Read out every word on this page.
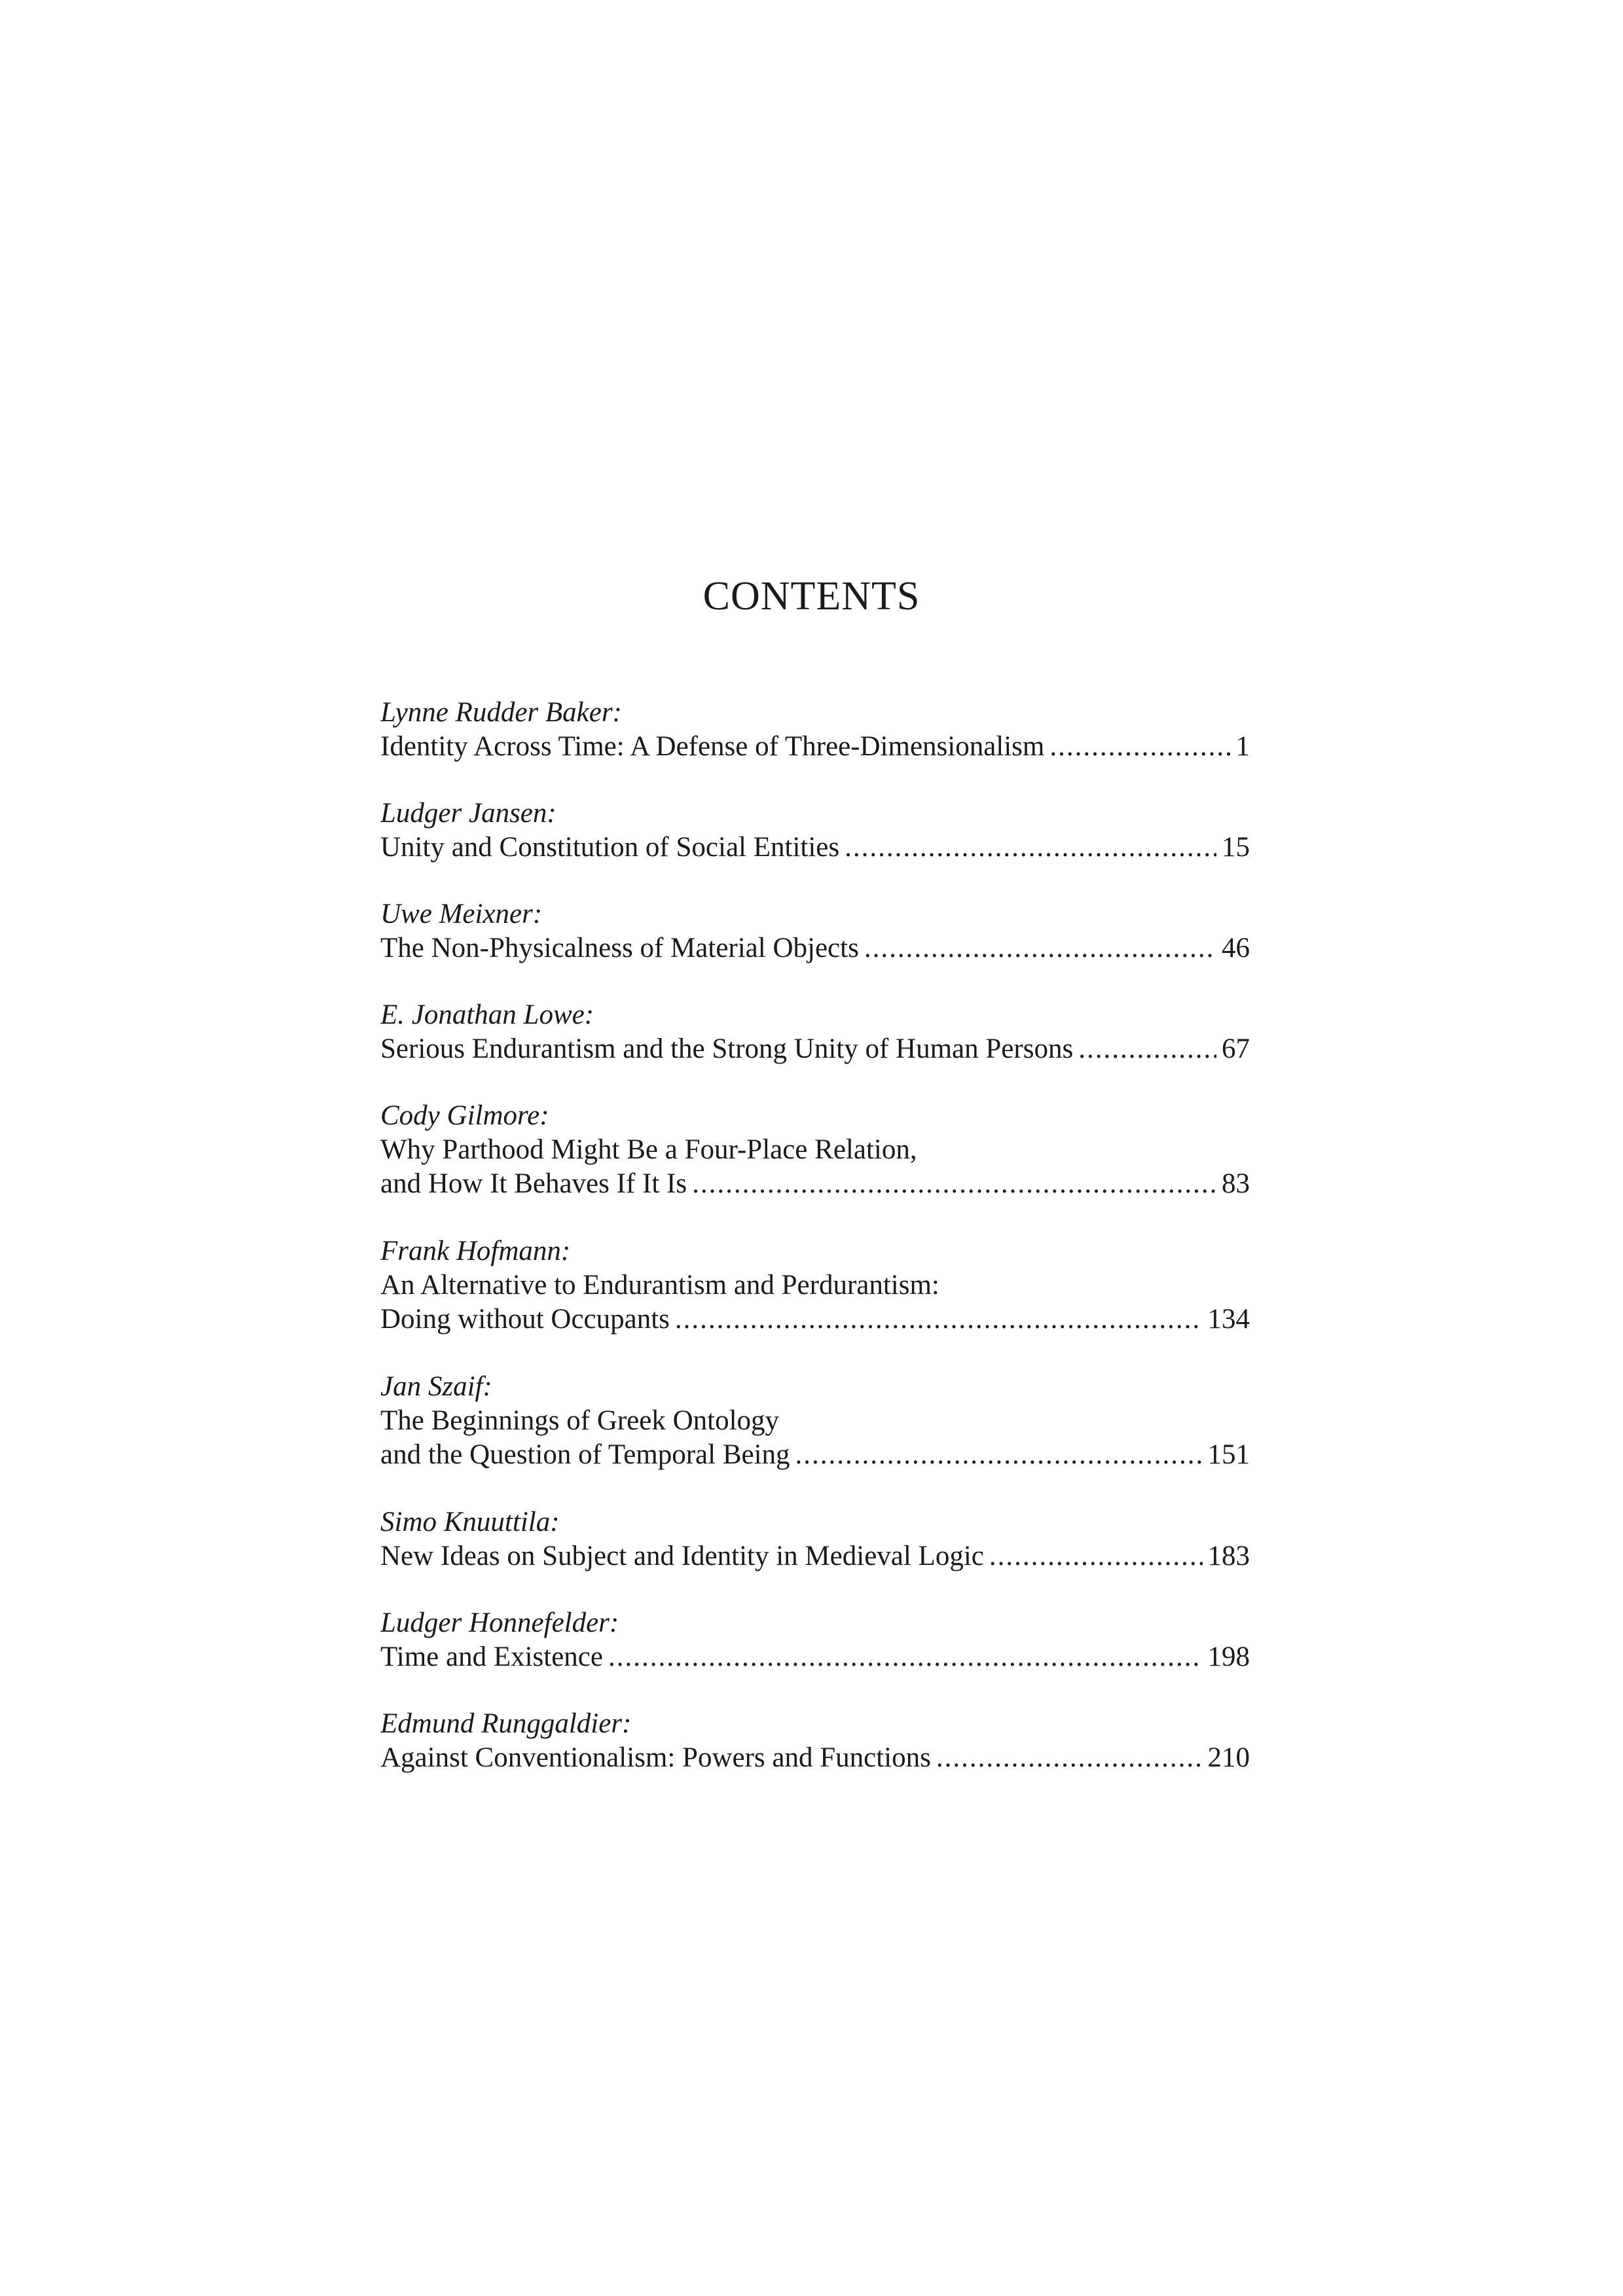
CONTENTS
Lynne Rudder Baker:
Identity Across Time: A Defense of Three-Dimensionalism .....	1
Ludger Jansen:
Unity and Constitution of Social Entities .....	15
Uwe Meixner:
The Non-Physicalness of Material Objects .....	46
E. Jonathan Lowe:
Serious Endurantism and the Strong Unity of Human Persons .....	67
Cody Gilmore:
Why Parthood Might Be a Four-Place Relation,
and How It Behaves If It Is .....	83
Frank Hofmann:
An Alternative to Endurantism and Perdurantism:
Doing without Occupants .....	134
Jan Szaif:
The Beginnings of Greek Ontology
and the Question of Temporal Being .....	151
Simo Knuuttila:
New Ideas on Subject and Identity in Medieval Logic .....	183
Ludger Honnefelder:
Time and Existence .....	198
Edmund Runggaldier:
Against Conventionalism: Powers and Functions .....	210
